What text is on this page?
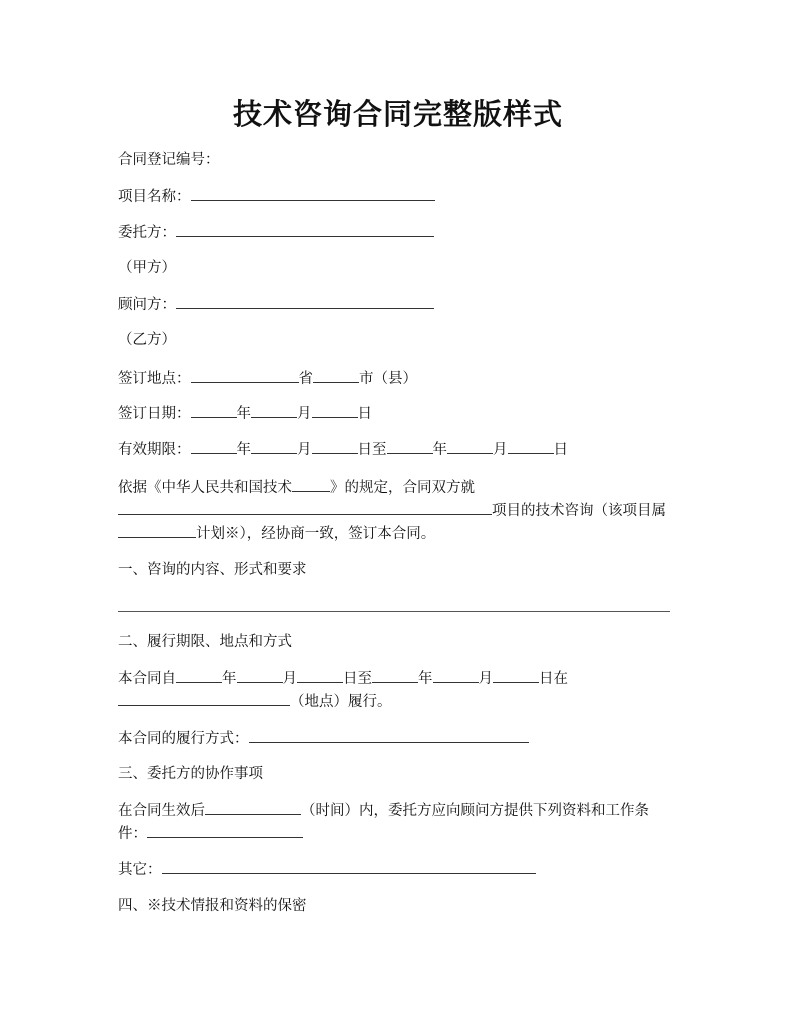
技术咨询合同完整版样式
合同登记编号：
项目名称：
委托方：
（甲方）
顾问方：
（乙方）
签订地点：	省	市（县）
签订日期：	年	月	日
有效期限：	年	月	日至	年	月	日
依据《中华人民共和国技术	》的规定，合同双方就
项目的技术咨询（该项目属
计划※），经协商一致，签订本合同。
一、咨询的内容、形式和要求
二、履行期限、地点和方式
本合同自	年	月	日至	年	月	日在
（地点）履行。
本合同的履行方式：
三、委托方的协作事项
在合同生效后	（时间）内，委托方应向顾问方提供下列资料和工作条
件：
其它：
四、※技术情报和资料的保密
